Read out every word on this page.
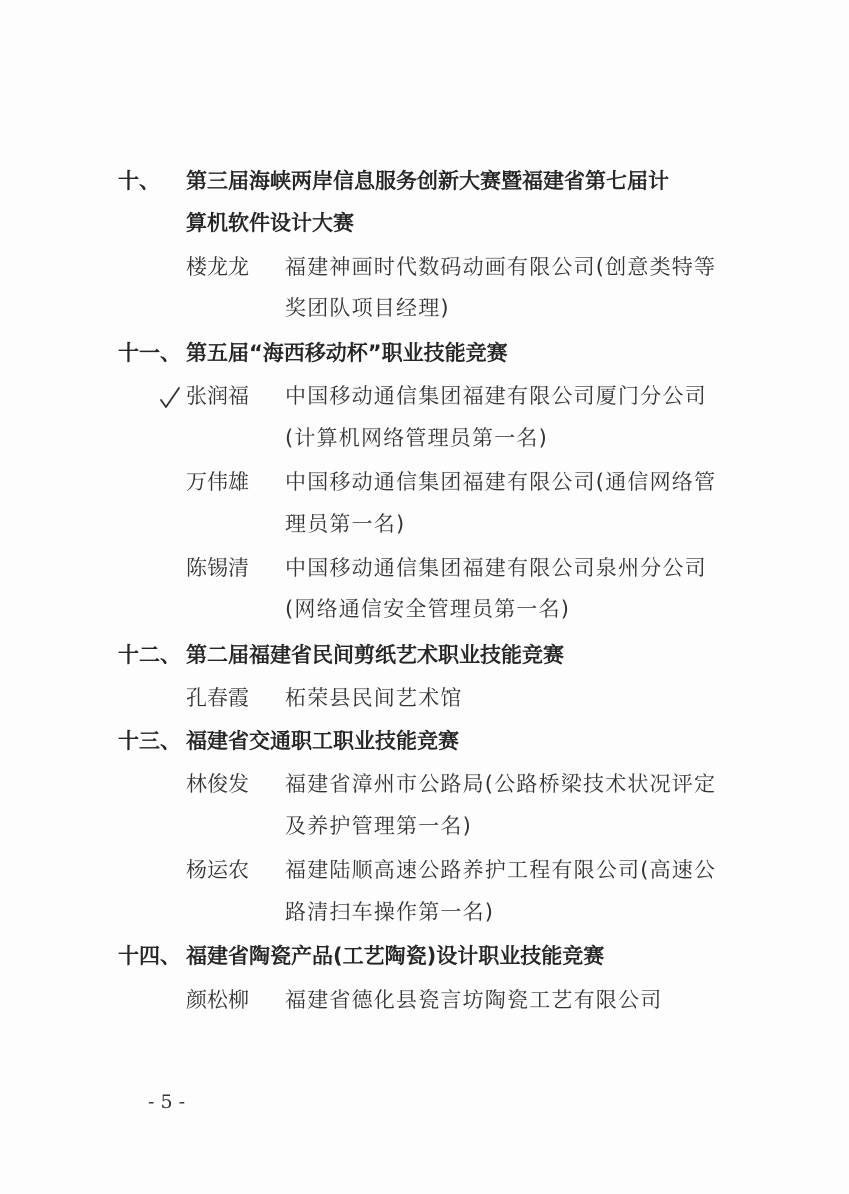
十、 第三届海峡两岸信息服务创新大赛暨福建省第七届计
算机软件设计大赛
楼龙龙 福建神画时代数码动画有限公司(创意类特等
奖团队项目经理)
十一、 第五届“海西移动杯”职业技能竞赛
张润福 中国移动通信集团福建有限公司厦门分公司
(计算机网络管理员第一名)
万伟雄 中国移动通信集团福建有限公司(通信网络管
理员第一名)
陈锡清 中国移动通信集团福建有限公司泉州分公司
(网络通信安全管理员第一名)
十二、 第二届福建省民间剪纸艺术职业技能竞赛
孔春霞 柘荣县民间艺术馆
十三、 福建省交通职工职业技能竞赛
林俊发 福建省漳州市公路局(公路桥梁技术状况评定
及养护管理第一名)
杨运农 福建陆顺高速公路养护工程有限公司(高速公
路清扫车操作第一名)
十四、 福建省陶瓷产品(工艺陶瓷)设计职业技能竞赛
颜松柳 福建省德化县瓷言坊陶瓷工艺有限公司
- 5 -
